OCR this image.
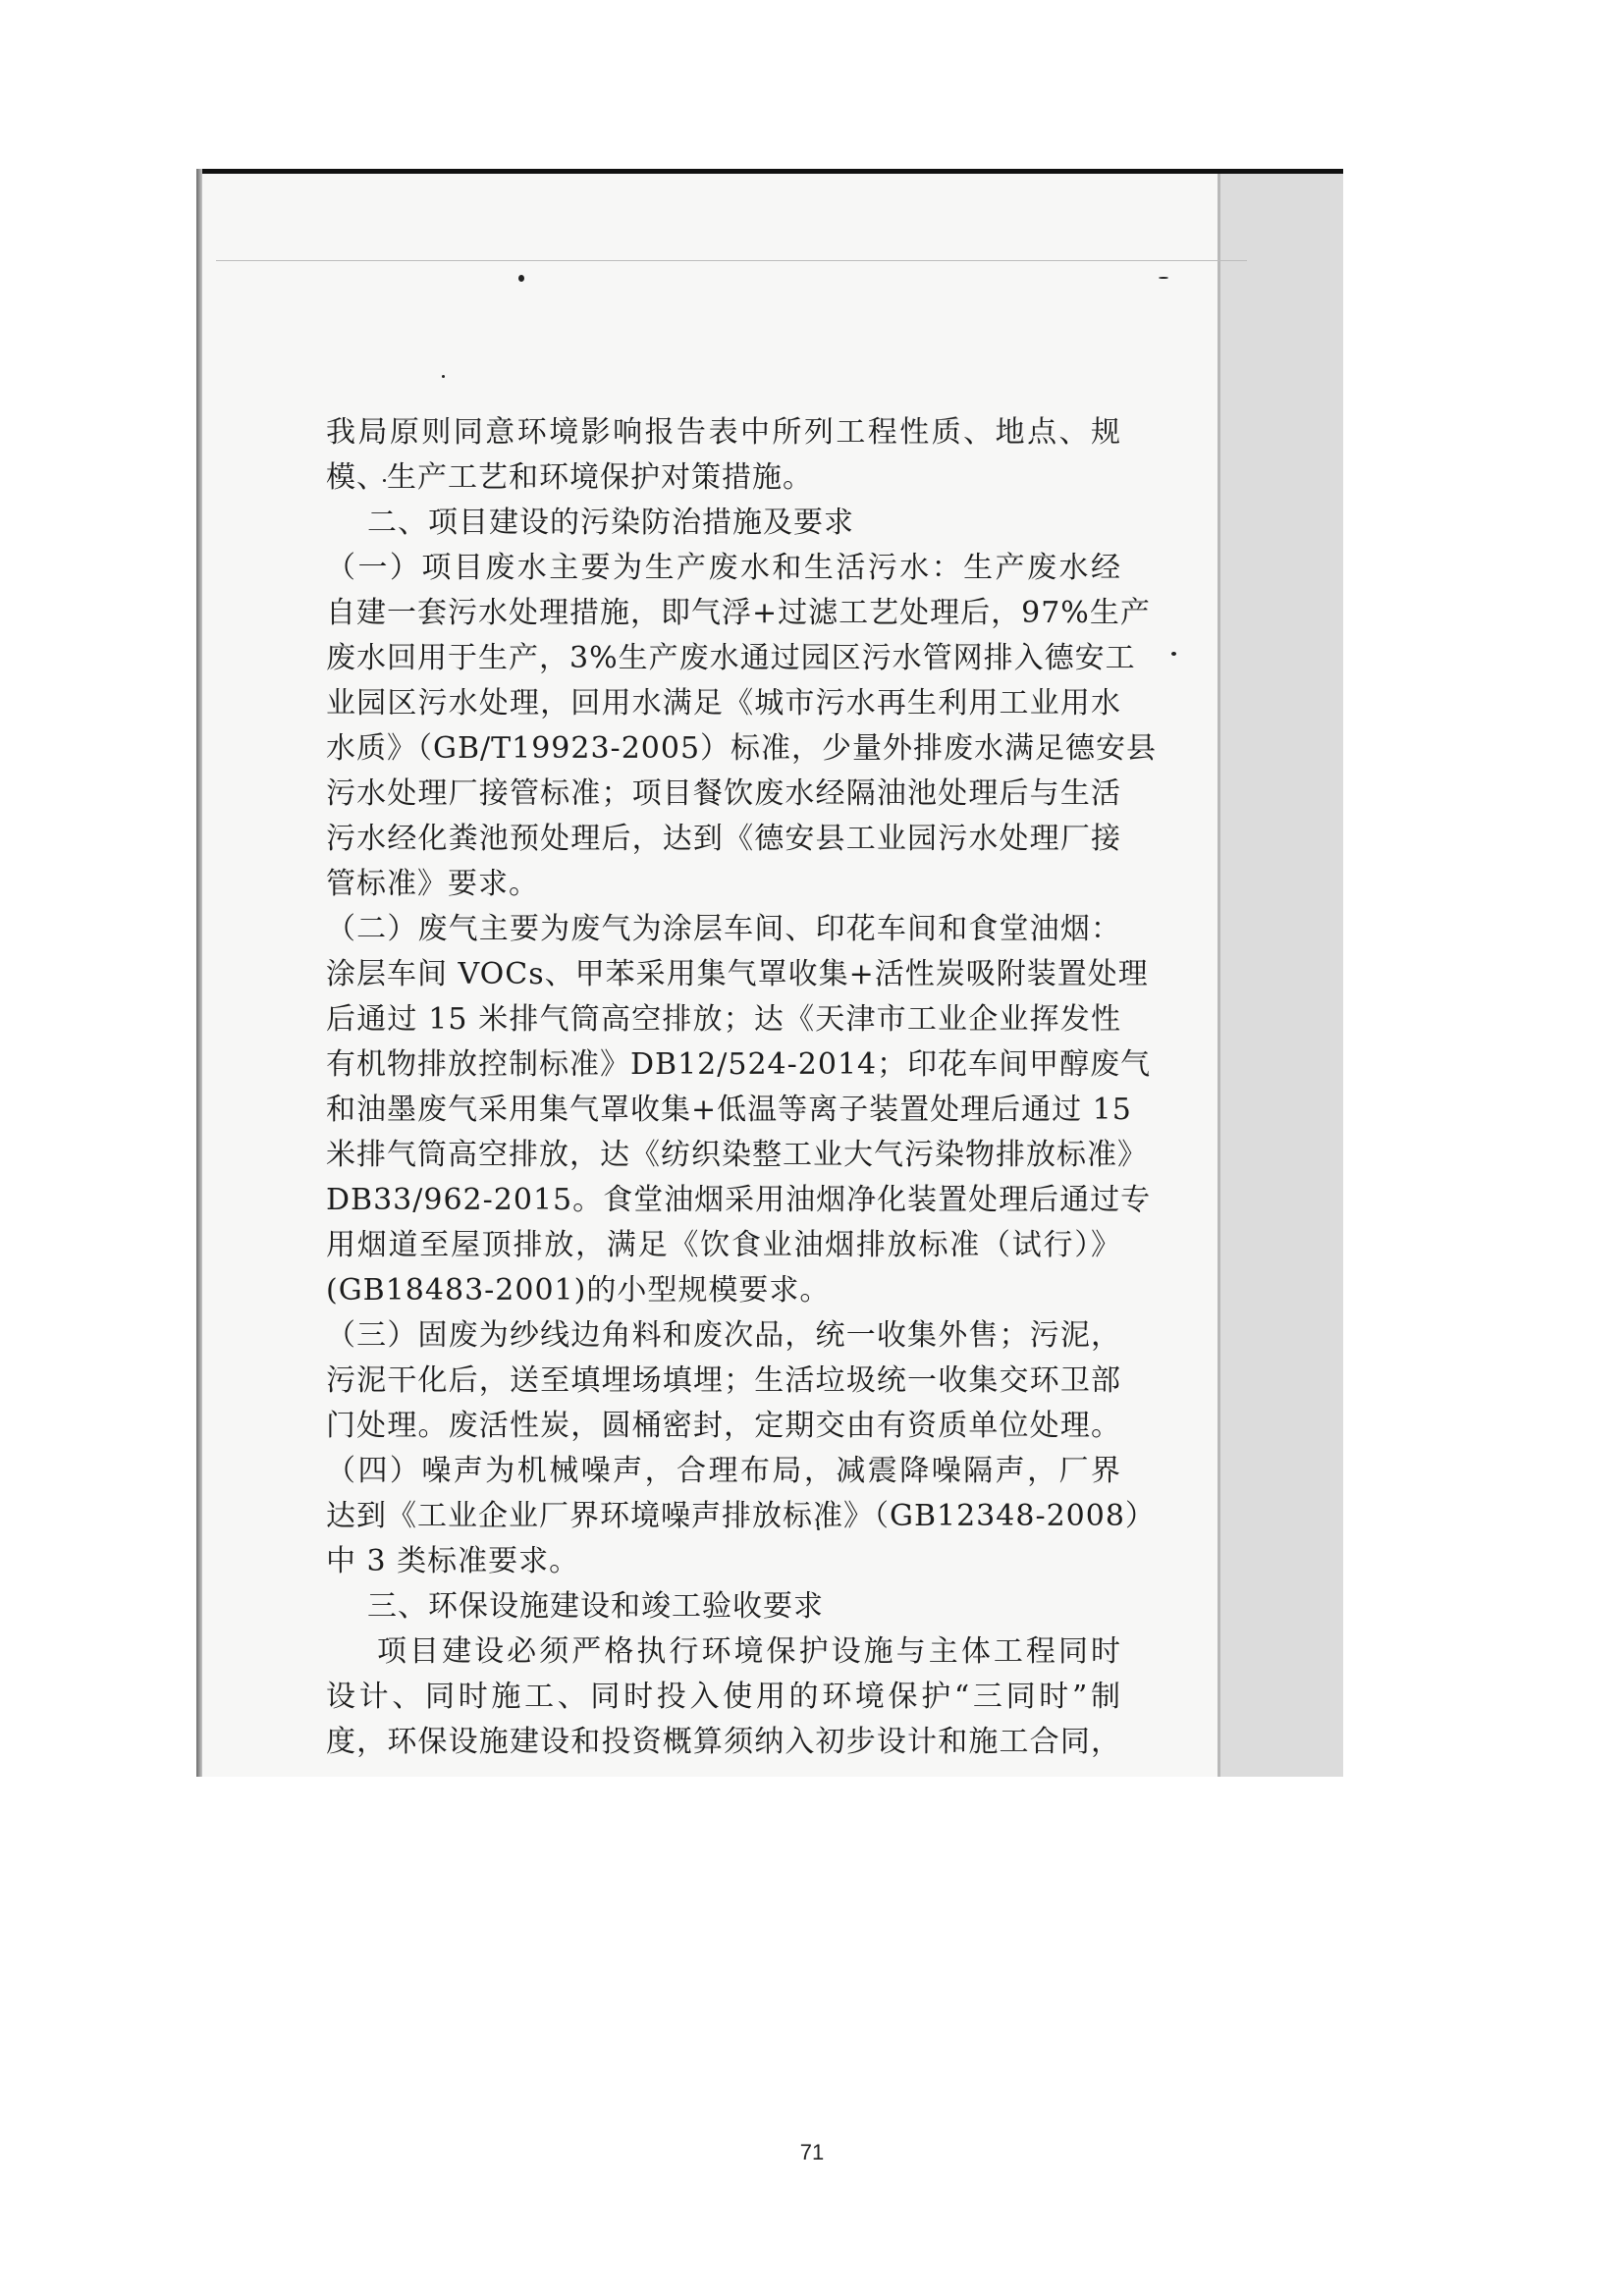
我局原则同意环境影响报告表中所列工程性质、地点、规
模、生产工艺和环境保护对策措施。
二、项目建设的污染防治措施及要求
（一）项目废水主要为生产废水和生活污水：生产废水经
自建一套污水处理措施，即气浮+过滤工艺处理后，97%生产
废水回用于生产，3%生产废水通过园区污水管网排入德安工
业园区污水处理，回用水满足《城市污水再生利用工业用水
水质》（GB/T19923-2005）标准，少量外排废水满足德安县
污水处理厂接管标准；项目餐饮废水经隔油池处理后与生活
污水经化粪池预处理后，达到《德安县工业园污水处理厂接
管标准》要求。
（二）废气主要为废气为涂层车间、印花车间和食堂油烟：
涂层车间 VOCs、甲苯采用集气罩收集+活性炭吸附装置处理
后通过 15 米排气筒高空排放；达《天津市工业企业挥发性
有机物排放控制标准》DB12/524-2014；印花车间甲醇废气
和油墨废气采用集气罩收集+低温等离子装置处理后通过 15
米排气筒高空排放，达《纺织染整工业大气污染物排放标准》
DB33/962-2015。食堂油烟采用油烟净化装置处理后通过专
用烟道至屋顶排放，满足《饮食业油烟排放标准（试行）》
(GB18483-2001)的小型规模要求。
（三）固废为纱线边角料和废次品，统一收集外售；污泥，
污泥干化后，送至填埋场填埋；生活垃圾统一收集交环卫部
门处理。废活性炭，圆桶密封，定期交由有资质单位处理。
（四）噪声为机械噪声，合理布局，减震降噪隔声，厂界
达到《工业企业厂界环境噪声排放标准》（GB12348-2008）
中 3 类标准要求。
三、环保设施建设和竣工验收要求
项目建设必须严格执行环境保护设施与主体工程同时
设计、同时施工、同时投入使用的环境保护“三同时”制
度，环保设施建设和投资概算须纳入初步设计和施工合同，
71
